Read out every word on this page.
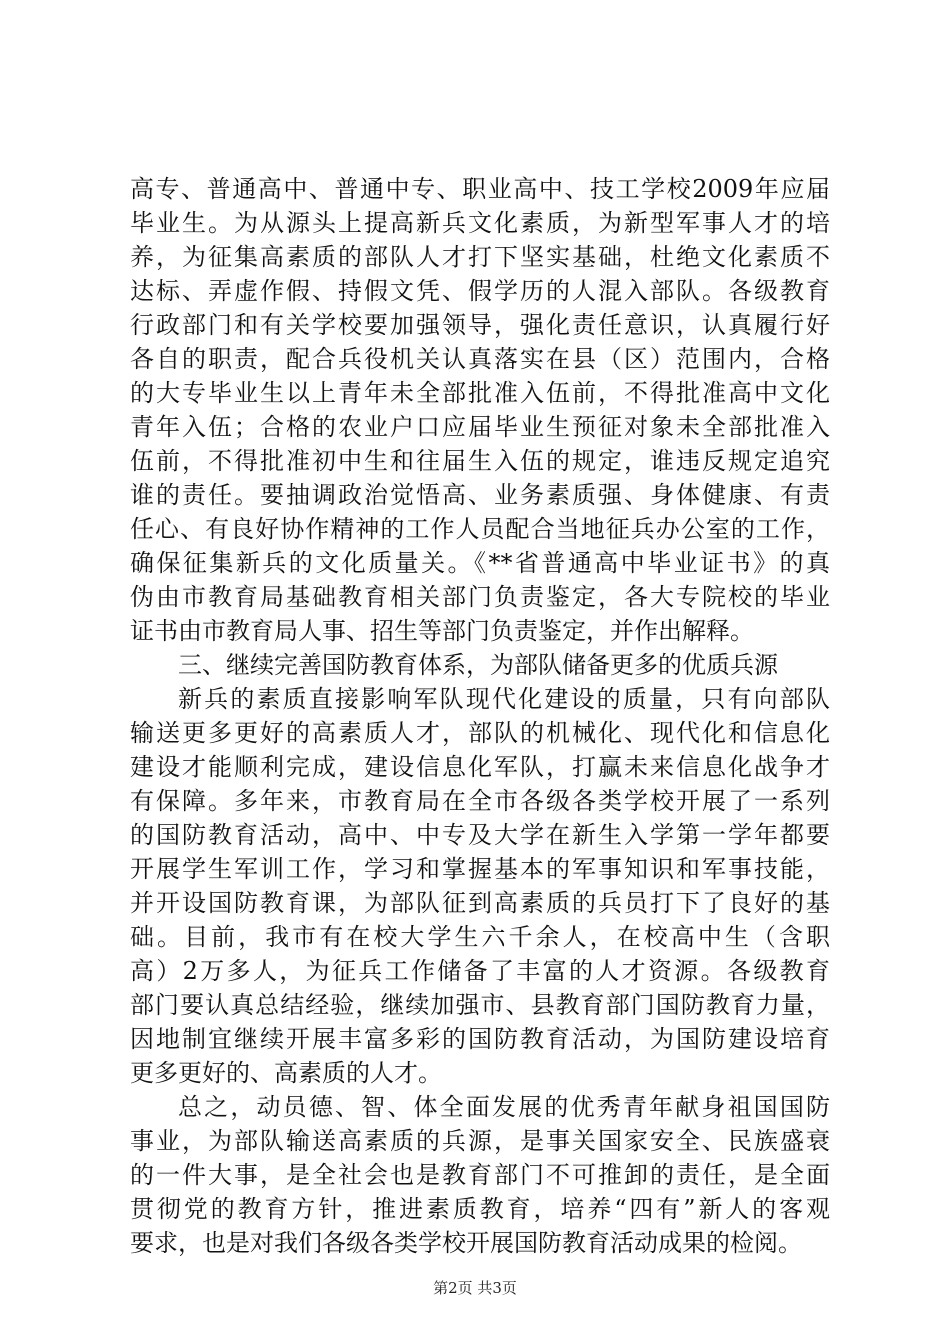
高专、普通高中、普通中专、职业高中、技工学校2009年应届
毕业生。为从源头上提高新兵文化素质，为新型军事人才的培
养，为征集高素质的部队人才打下坚实基础，杜绝文化素质不
达标、弄虚作假、持假文凭、假学历的人混入部队。各级教育
行政部门和有关学校要加强领导，强化责任意识，认真履行好
各自的职责，配合兵役机关认真落实在县（区）范围内，合格
的大专毕业生以上青年未全部批准入伍前，不得批准高中文化
青年入伍；合格的农业户口应届毕业生预征对象未全部批准入
伍前，不得批准初中生和往届生入伍的规定，谁违反规定追究
谁的责任。要抽调政治觉悟高、业务素质强、身体健康、有责
任心、有良好协作精神的工作人员配合当地征兵办公室的工作，
确保征集新兵的文化质量关。《**省普通高中毕业证书》的真
伪由市教育局基础教育相关部门负责鉴定，各大专院校的毕业
证书由市教育局人事、招生等部门负责鉴定，并作出解释。
三、继续完善国防教育体系，为部队储备更多的优质兵源
新兵的素质直接影响军队现代化建设的质量，只有向部队
输送更多更好的高素质人才，部队的机械化、现代化和信息化
建设才能顺利完成，建设信息化军队，打赢未来信息化战争才
有保障。多年来，市教育局在全市各级各类学校开展了一系列
的国防教育活动，高中、中专及大学在新生入学第一学年都要
开展学生军训工作，学习和掌握基本的军事知识和军事技能，
并开设国防教育课，为部队征到高素质的兵员打下了良好的基
础。目前，我市有在校大学生六千余人，在校高中生（含职
高）2万多人，为征兵工作储备了丰富的人才资源。各级教育
部门要认真总结经验，继续加强市、县教育部门国防教育力量，
因地制宜继续开展丰富多彩的国防教育活动，为国防建设培育
更多更好的、高素质的人才。
总之，动员德、智、体全面发展的优秀青年献身祖国国防
事业，为部队输送高素质的兵源，是事关国家安全、民族盛衰
的一件大事，是全社会也是教育部门不可推卸的责任，是全面
贯彻党的教育方针，推进素质教育，培养“四有”新人的客观
要求，也是对我们各级各类学校开展国防教育活动成果的检阅。
第2页 共3页
